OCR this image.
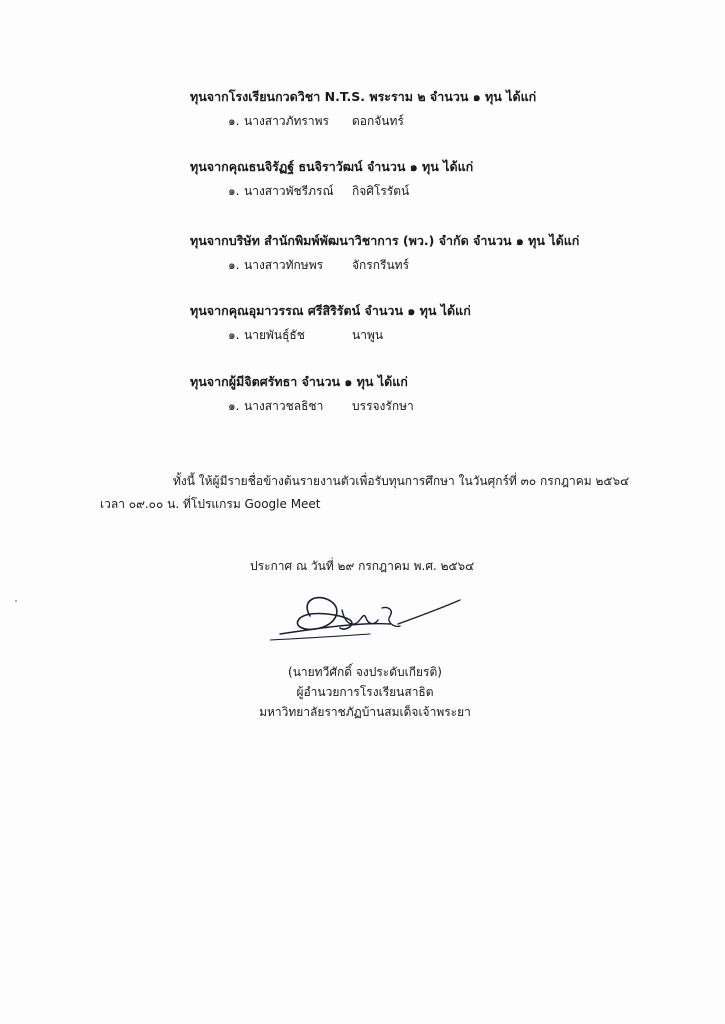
ทุนจากโรงเรียนกวดวิชา N.T.S. พระราม ๒ จำนวน ๑ ทุน ได้แก่
๑. นางสาวภัทราพร ดอกจันทร์
ทุนจากคุณธนจิรัฏฐ์ ธนจิราวัฒน์ จำนวน ๑ ทุน ได้แก่
๑. นางสาวพัชรีภรณ์ กิจศิโรรัตน์
ทุนจากบริษัท สำนักพิมพ์พัฒนาวิชาการ (พว.) จำกัด จำนวน ๑ ทุน ได้แก่
๑. นางสาวทักษพร จักรกรีนทร์
ทุนจากคุณอุมาวรรณ ศรีสิริรัตน์ จำนวน ๑ ทุน ได้แก่
๑. นายพันธุ์ธัช	นาพูน
ทุนจากผู้มีจิตศรัทธา จำนวน ๑ ทุน ได้แก่
๑. นางสาวชลธิชา บรรจงรักษา
ทั้งนี้ ให้ผู้มีรายชื่อข้างต้นรายงานตัวเพื่อรับทุนการศึกษา ในวันศุกร์ที่ ๓๐ กรกฎาคม ๒๕๖๔
เวลา ๐๙.๐๐ น. ที่โปรแกรม Google Meet
ประกาศ ณ วันที่ ๒๙ กรกฎาคม พ.ศ. ๒๕๖๔
(นายทวีศักดิ์ จงประดับเกียรติ)
ผู้อำนวยการโรงเรียนสาธิต
มหาวิทยาลัยราชภัฏบ้านสมเด็จเจ้าพระยา
